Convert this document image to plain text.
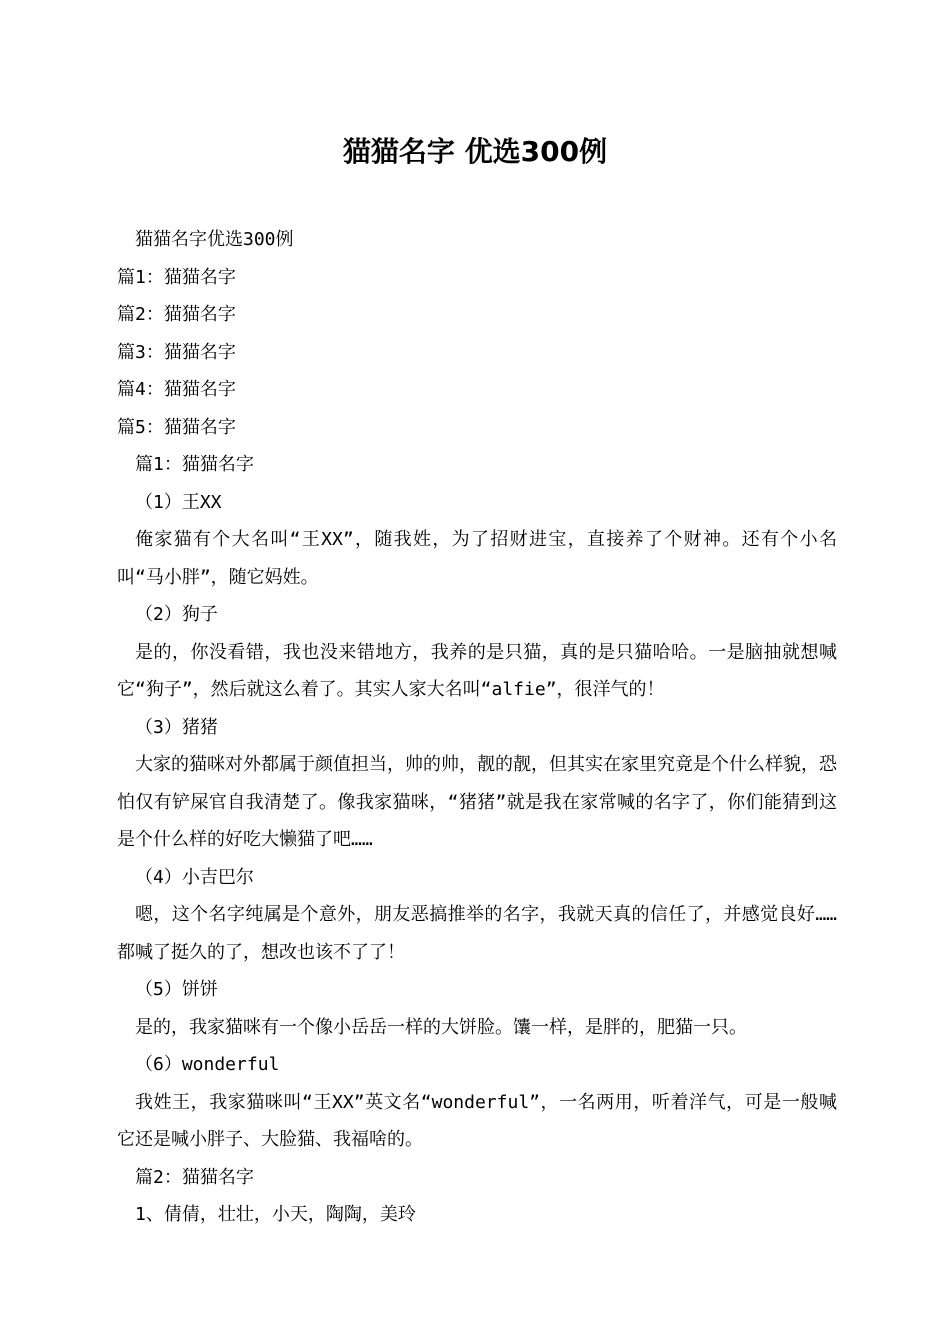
猫猫名字 优选300例

猫猫名字优选300例

篇1：猫猫名字

篇2：猫猫名字

篇3：猫猫名字

篇4：猫猫名字

篇5：猫猫名字

篇1：猫猫名字

（1）王XX

俺家猫有个大名叫“王XX”，随我姓，为了招财进宝，直接养了个财神。还有个小名叫“马小胖”，随它妈姓。

（2）狗子

是的，你没看错，我也没来错地方，我养的是只猫，真的是只猫哈哈。一是脑抽就想喊它“狗子”，然后就这么着了。其实人家大名叫“alfie”，很洋气的！

（3）猪猪

大家的猫咪对外都属于颜值担当，帅的帅，靓的靓，但其实在家里究竟是个什么样貌，恐怕仅有铲屎官自我清楚了。像我家猫咪，“猪猪”就是我在家常喊的名字了，你们能猜到这是个什么样的好吃大懒猫了吧……

（4）小吉巴尔

嗯，这个名字纯属是个意外，朋友恶搞推举的名字，我就天真的信任了，并感觉良好……都喊了挺久的了，想改也该不了了！

（5）饼饼

是的，我家猫咪有一个像小岳岳一样的大饼脸。馕一样，是胖的，肥猫一只。

（6）wonderful

我姓王，我家猫咪叫“王XX”英文名“wonderful”，一名两用，听着洋气，可是一般喊它还是喊小胖子、大脸猫、我福啥的。

篇2：猫猫名字

1、倩倩，壮壮，小天，陶陶，美玲
